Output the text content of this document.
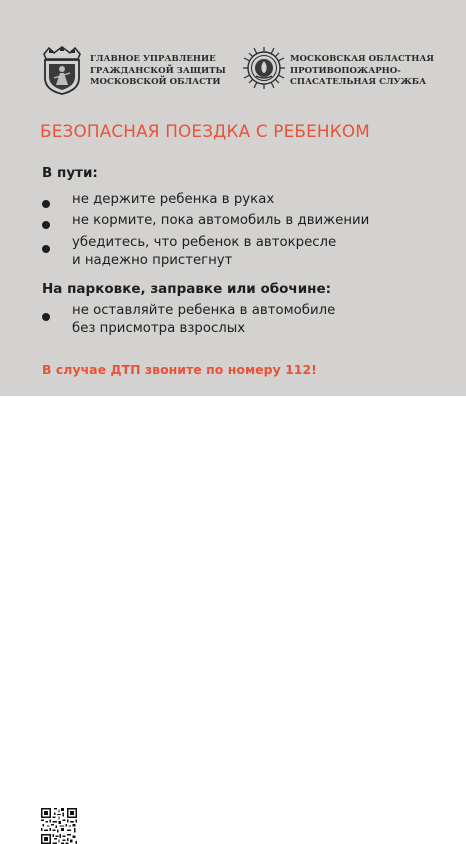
ГЛАВНОЕ УПРАВЛЕНИЕ
ГРАЖДАНСКОЙ ЗАЩИТЫ
МОСКОВСКОЙ ОБЛАСТИ
МОСКОВСКАЯ ОБЛАСТНАЯ
ПРОТИВОПОЖАРНО-
СПАСАТЕЛЬНАЯ СЛУЖБА
БЕЗОПАСНАЯ ПОЕЗДКА С РЕБЕНКОМ
В пути:
не держите ребенка в руках
не кормите, пока автомобиль в движении
убедитесь, что ребенок в автокресле
и надежно пристегнут
На парковке, заправке или обочине:
не оставляйте ребенка в автомобиле
без присмотра взрослых
В случае ДТП звоните по номеру 112!
